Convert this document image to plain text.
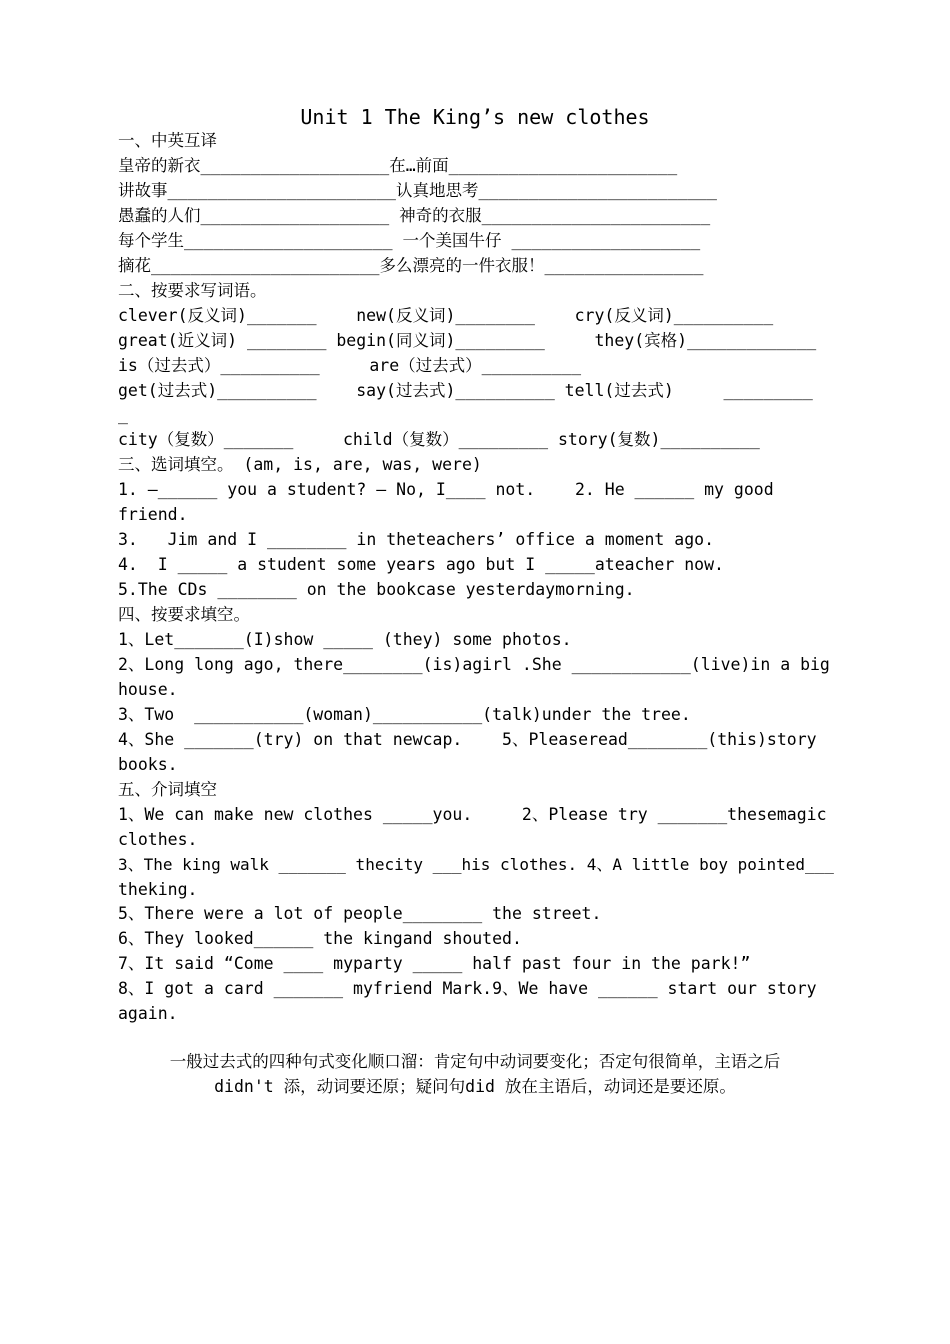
Unit 1 The King’s new clothes
一、中英互译
皇帝的新衣___________________在…前面_______________________
讲故事_______________________认真地思考________________________
愚蠢的人们___________________ 神奇的衣服_______________________
每个学生_____________________ 一个美国牛仔 ___________________
摘花_______________________多么漂亮的一件衣服！________________
二、按要求写词语。
clever(反义词)_______    new(反义词)________    cry(反义词)__________
great(近义词) ________ begin(同义词)_________     they(宾格)_____________
is（过去式）__________     are（过去式）__________
get(过去式)__________    say(过去式)__________ tell(过去式)     _________
_
city（复数）_______     child（复数）_________ story(复数)__________
三、选词填空。 (am, is, are, was, were)
1. —______ you a student? — No, I____ not.    2. He ______ my good
friend.
3.   Jim and I ________ in theteachers’ office a moment ago.
4.  I _____ a student some years ago but I _____ateacher now.
5.The CDs ________ on the bookcase yesterdaymorning.
四、按要求填空。
1、Let_______(I)show _____ (they) some photos.
2、Long long ago, there________(is)agirl .She ____________(live)in a big
house.
3、Two  ___________(woman)___________(talk)under the tree.
4、She _______(try) on that newcap.    5、Pleaseread________(this)story
books.
五、介词填空
1、We can make new clothes _____you.     2、Please try _______thesemagic
clothes.
3、The king walk _______ thecity ___his clothes. 4、A little boy pointed___
theking.
5、There were a lot of people________ the street.
6、They looked______ the kingand shouted.
7、It said “Come ____ myparty _____ half past four in the park!”
8、I got a card _______ myfriend Mark.9、We have ______ start our story
again.
一般过去式的四种句式变化顺口溜：肯定句中动词要变化；否定句很简单，主语之后
didn't 添，动词要还原；疑问句did 放在主语后，动词还是要还原。
